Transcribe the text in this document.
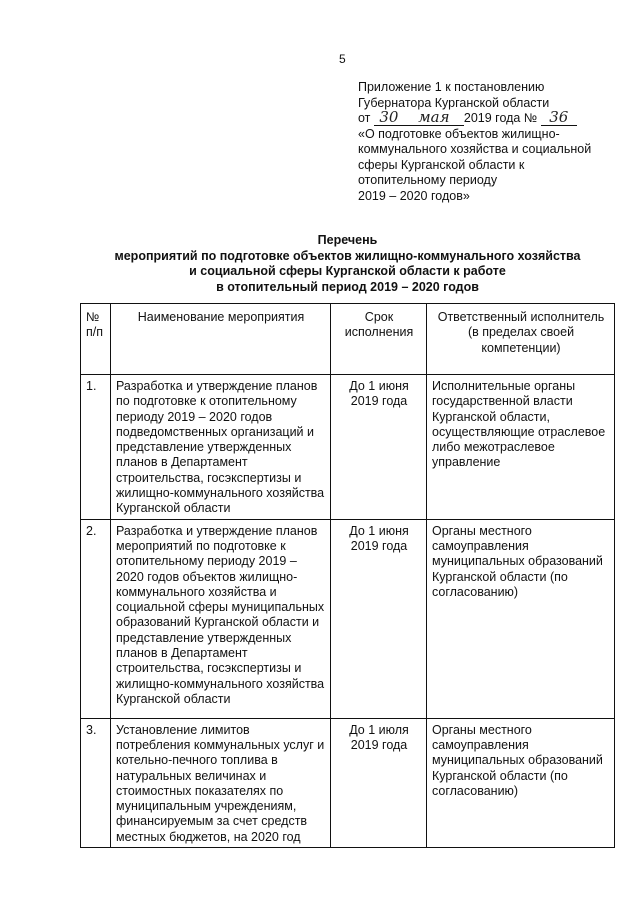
5
Приложение 1 к постановлению
Губернатора Курганской области
от 30 мая 2019 года № 36
«О подготовке объектов жилищно-
коммунального хозяйства и социальной
сферы Курганской области к
отопительному периоду
2019 – 2020 годов»
Перечень
мероприятий по подготовке объектов жилищно-коммунального хозяйства
и социальной сферы Курганской области к работе
в отопительный период 2019 – 2020 годов
№ п/п	Наименование мероприятия	Срок исполнения	Ответственный исполнитель (в пределах своей компетенции)
1.	Разработка и утверждение планов по подготовке к отопительному периоду 2019 – 2020 годов подведомственных организаций и представление утвержденных планов в Департамент строительства, госэкспертизы и жилищно-коммунального хозяйства Курганской области	До 1 июня 2019 года	Исполнительные органы государственной власти Курганской области, осуществляющие отраслевое либо межотраслевое управление
2.	Разработка и утверждение планов мероприятий по подготовке к отопительному периоду 2019 – 2020 годов объектов жилищно-коммунального хозяйства и социальной сферы муниципальных образований Курганской области и представление утвержденных планов в Департамент строительства, госэкспертизы и жилищно-коммунального хозяйства Курганской области	До 1 июня 2019 года	Органы местного самоуправления муниципальных образований Курганской области (по согласованию)
3.	Установление лимитов потребления коммунальных услуг и котельно-печного топлива в натуральных величинах и стоимостных показателях по муниципальным учреждениям, финансируемым за счет средств местных бюджетов, на 2020 год	До 1 июля 2019 года	Органы местного самоуправления муниципальных образований Курганской области (по согласованию)
